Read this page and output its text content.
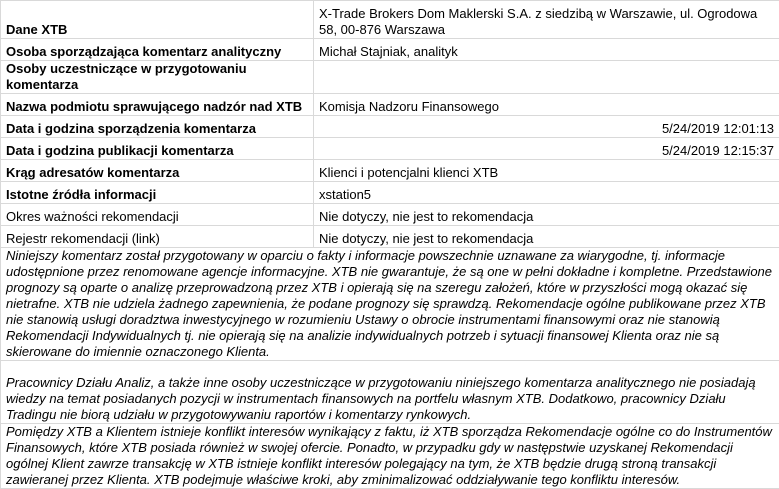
Dane XTB	X-Trade Brokers Dom Maklerski S.A. z siedzibą w Warszawie, ul. Ogrodowa 58, 00-876 Warszawa
Osoba sporządzająca komentarz analityczny	Michał Stajniak, analityk
Osoby uczestniczące w przygotowaniu komentarza	
Nazwa podmiotu sprawującego nadzór nad XTB	Komisja Nadzoru Finansowego
Data i godzina sporządzenia komentarza	5/24/2019 12:01:13
Data i godzina publikacji komentarza	5/24/2019 12:15:37
Krąg adresatów komentarza	Klienci i potencjalni klienci XTB
Istotne źródła informacji	xstation5
Okres ważności rekomendacji	Nie dotyczy, nie jest to rekomendacja
Rejestr rekomendacji (link)	Nie dotyczy, nie jest to rekomendacja
Niniejszy komentarz został przygotowany w oparciu o fakty i informacje powszechnie uznawane za wiarygodne, tj. informacje udostępnione przez renomowane agencje informacyjne. XTB nie gwarantuje, że są one w pełni dokładne i kompletne. Przedstawione prognozy są oparte o analizę przeprowadzoną przez XTB i opierają się na szeregu założeń, które w przyszłości mogą okazać się nietrafne. XTB nie udziela żadnego zapewnienia, że podane prognozy się sprawdzą. Rekomendacje ogólne publikowane przez XTB nie stanowią usługi doradztwa inwestycyjnego w rozumieniu Ustawy o obrocie instrumentami finansowymi oraz nie stanowią Rekomendacji Indywidualnych tj. nie opierają się na analizie indywidualnych potrzeb i sytuacji finansowej Klienta oraz nie są skierowane do imiennie oznaczonego Klienta.	
Pracownicy Działu Analiz, a także inne osoby uczestniczące w przygotowaniu niniejszego komentarza analitycznego nie posiadają wiedzy na temat posiadanych pozycji w instrumentach finansowych na portfelu własnym XTB. Dodatkowo, pracownicy Działu Tradingu nie biorą udziału w przygotowywaniu raportów i komentarzy rynkowych.	
Pomiędzy XTB a Klientem istnieje konflikt interesów wynikający z faktu, iż XTB sporządza Rekomendacje ogólne co do Instrumentów Finansowych, które XTB posiada również w swojej ofercie. Ponadto, w przypadku gdy w następstwie uzyskanej Rekomendacji ogólnej Klient zawrze transakcję w XTB istnieje konflikt interesów polegający na tym, że XTB będzie drugą stroną transakcji zawieranej przez Klienta. XTB podejmuje właściwe kroki, aby zminimalizować oddziaływanie tego konfliktu interesów.	
